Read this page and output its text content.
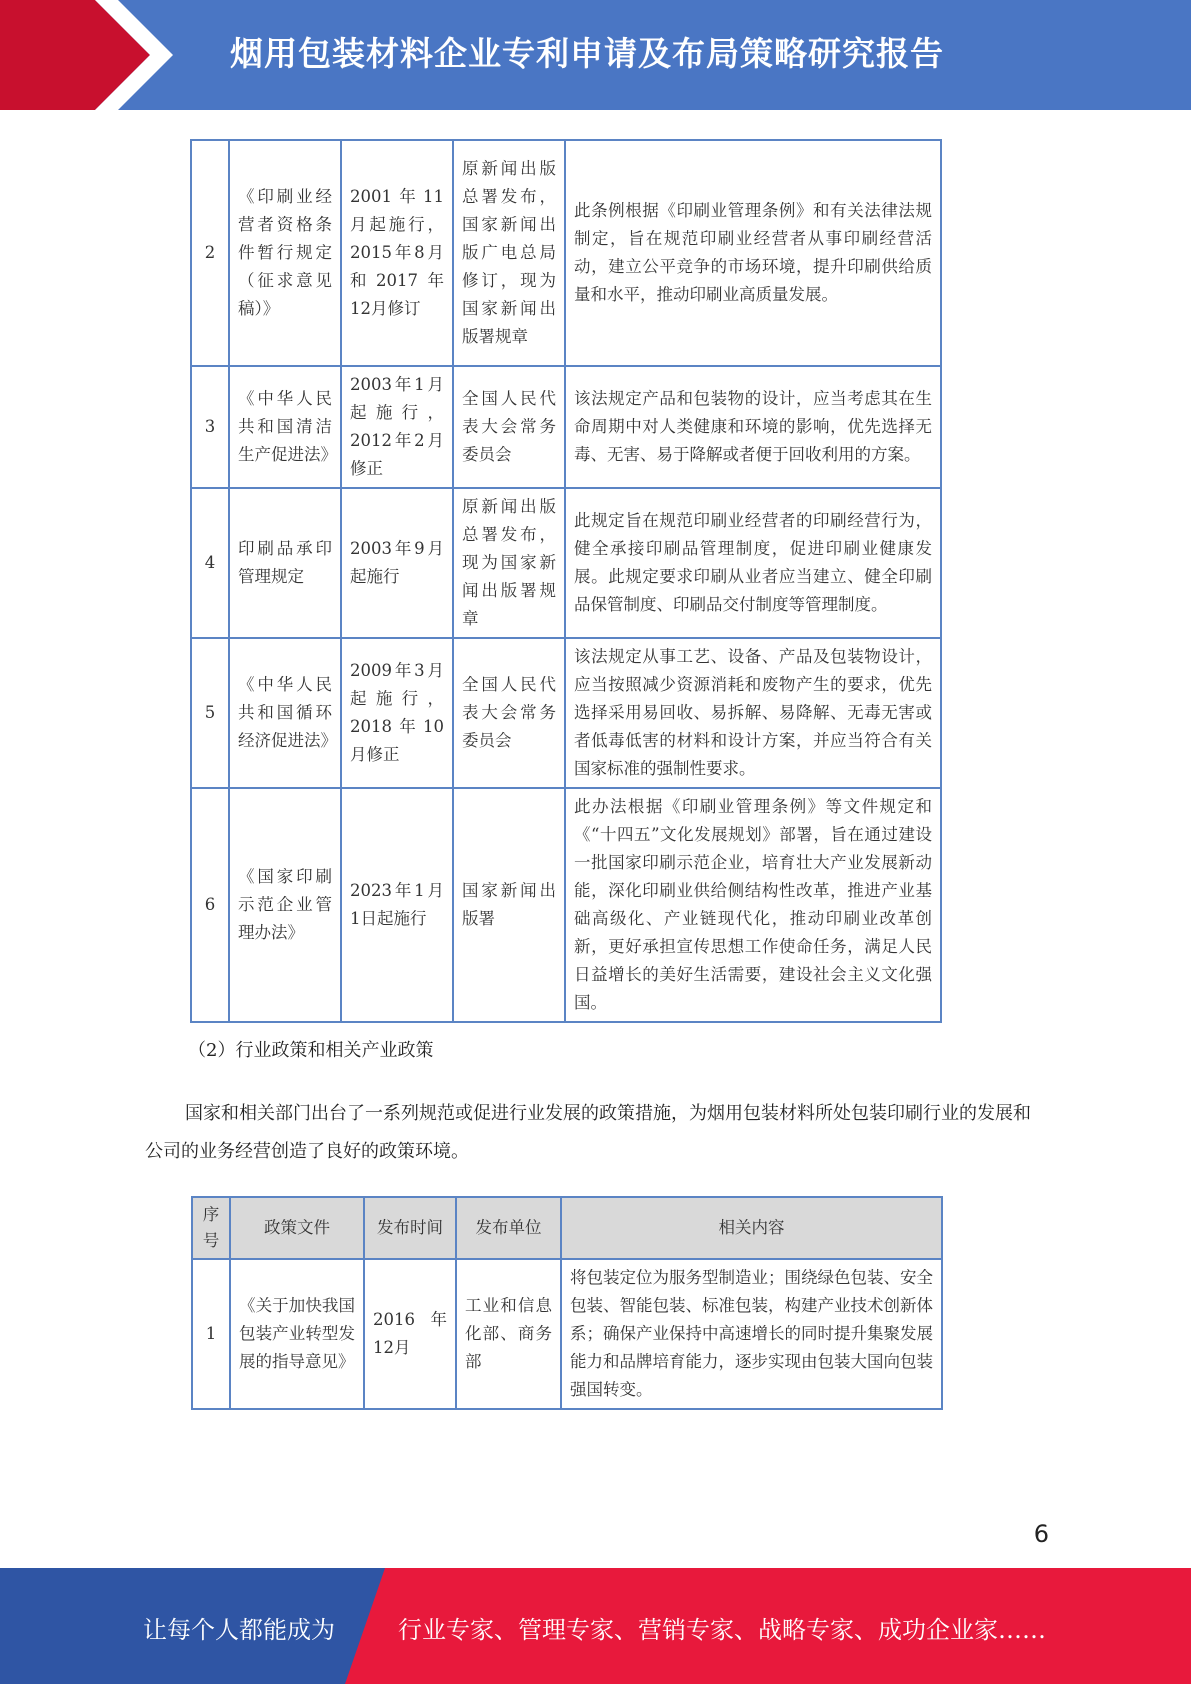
烟用包装材料企业专利申请及布局策略研究报告
2	《印刷业经营者资格条件暂行规定（征求意见稿）》	2001年11月起施行，2015年8月和2017年12月修订	原新闻出版总署发布，国家新闻出版广电总局修订，现为国家新闻出版署规章	此条例根据《印刷业管理条例》和有关法律法规制定，旨在规范印刷业经营者从事印刷经营活动，建立公平竞争的市场环境，提升印刷供给质量和水平，推动印刷业高质量发展。
3	《中华人民共和国清洁生产促进法》	2003年1月起施行，2012年2月修正	全国人民代表大会常务委员会	该法规定产品和包装物的设计，应当考虑其在生命周期中对人类健康和环境的影响，优先选择无毒、无害、易于降解或者便于回收利用的方案。
4	印刷品承印管理规定	2003年9月起施行	原新闻出版总署发布，现为国家新闻出版署规章	此规定旨在规范印刷业经营者的印刷经营行为，健全承接印刷品管理制度，促进印刷业健康发展。此规定要求印刷从业者应当建立、健全印刷品保管制度、印刷品交付制度等管理制度。
5	《中华人民共和国循环经济促进法》	2009年3月起施行，2018年10月修正	全国人民代表大会常务委员会	该法规定从事工艺、设备、产品及包装物设计，应当按照减少资源消耗和废物产生的要求，优先选择采用易回收、易拆解、易降解、无毒无害或者低毒低害的材料和设计方案，并应当符合有关国家标准的强制性要求。
6	《国家印刷示范企业管理办法》	2023年1月1日起施行	国家新闻出版署	此办法根据《印刷业管理条例》等文件规定和《“十四五”文化发展规划》部署，旨在通过建设一批国家印刷示范企业，培育壮大产业发展新动能，深化印刷业供给侧结构性改革，推进产业基础高级化、产业链现代化，推动印刷业改革创新，更好承担宣传思想工作使命任务，满足人民日益增长的美好生活需要，建设社会主义文化强国。
（2）行业政策和相关产业政策
国家和相关部门出台了一系列规范或促进行业发展的政策措施，为烟用包装材料所处包装印刷行业的发展和公司的业务经营创造了良好的政策环境。
序号	政策文件	发布时间	发布单位	相关内容
1	《关于加快我国包装产业转型发展的指导意见》	2016年12月	工业和信息化部、商务部	将包装定位为服务型制造业；围绕绿色包装、安全包装、智能包装、标准包装，构建产业技术创新体系；确保产业保持中高速增长的同时提升集聚发展能力和品牌培育能力，逐步实现由包装大国向包装强国转变。
6
让每个人都能成为	行业专家、管理专家、营销专家、战略专家、成功企业家……
